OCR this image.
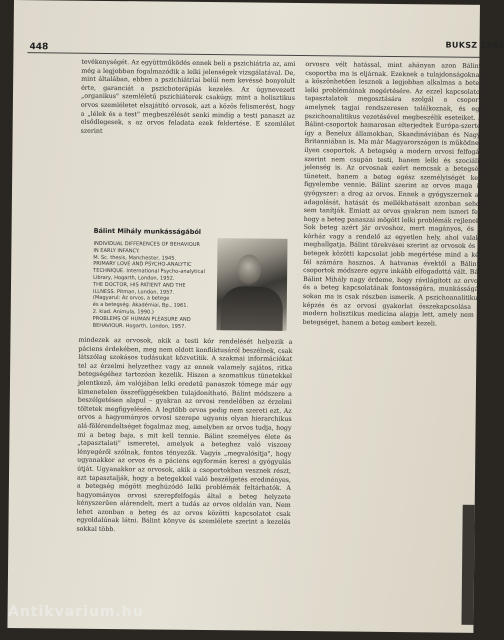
448	BUKSZ 1993
tevékenységét. Az együttműködés ennek beli a pszichiátria az, ami még a legjobban fogalmazódik a lelki jelenségek vizsgálatával. De, mint általában, ebben a pszichiátriai belül nem kevéssé bonyolult érte, garanciát a pszichoterápiás kezelés. Az úgynevezett „organikus" szemléletű pszichiáterek csakúgy, mint a holisztikus orvos szemléletet elsajátító orvosok, azt a közös felismerést, hogy a „lélek és a test" megbeszélését senki mindig a testi panaszt az elsődlegesek, s az orvos feladata ezek feldertése. E szemlélet szerint
Bálint Mihály munkásságából
INDIVIDUAL DIFFERENCES OF BEHAVIOUR
IN EARLY INFANCY.
M. Sc. thesis, Manchester, 1945.
PRIMARY LOVE AND PSYCHO-ANALYTIC
TECHNIQUE. International Psycho-analytical
Library, Hogarth, London, 1952.
THE DOCTOR, HIS PATIENT AND THE
ILLNESS. Pitman, London, 1957.
(Magyarul: Az orvos, a betege
és a betegség. Akadémiai, Bp., 1961.
2. kiad. Animula, 1990.)
PROBLEMS OF HUMAN PLEASURE AND
BEHAVIOUR. Hogarth, London, 1957.
mindezek az orvosok, akik a testi kór rendelését helyezik a páciens érdekében, meg nem oldott konfliktusáról beszélnek, csak látszólag szokásos tudásukat közvetítik. A szakmai információkat tel az érzelmi helyzethez vagy az ennek valamely sajátos, ritka betegségéhez tartozóan kezelik. Hiszen a szomatikus tünetekkel jelentkező, ám valójában lelki eredetű panaszok tömege már egy kimenetelen összefüggésekben tulajdonítható. Bálint módszere a beszélgetésen alapul – gyakran az orvosi rendelőben az érzelmi töltetek megfigyelésén. A legtöbb orvos pedig nem szereti ezt. Az orvos a hagyományos orvosi szerepe ugyanis olyan hierarchikus alá-fölérendeltséget fogalmaz meg, amelyben az orvos tudja, hogy mi a beteg baja, s mit kell tennie. Bálint személyes élete és „tapasztalati" ismeretei, amelyek a beteghez való viszony lényegéről szólnak, fontos tényezők. Vagyis „megvalósítja", hogy ugyanakkor az orvos és a páciens egyformán keresi a gyógyulás útját. Ugyanakkor az orvosok, akik a csoportokban vesznek részt, azt tapasztalják, hogy a betegekkel való beszélgetés eredményes, a betegség mögött meghúzódó lelki problémák feltárhatók. A hagyományos orvosi szerepfelfogás által a beteg helyzete kényszerűen alárendelt, mert a tudás az orvos oldalán van. Nem lehet azonban a beteg és az orvos közötti kapcsolatot csak egyoldalúnak látni. Bálint könyve és szemlélete szerint a kezelés sokkal több.
orvosra vélt hatással, mint ahányan azon Bálint-csoportba ma is eljárnak. Ezeknek a tulajdonságoknak a köszönhetően lesznek a legjobban alkalmas a beteg lelki problémáinak megértésére. Az ezzel kapcsolatos tapasztalatok megosztására szolgál a csoport, amelynek tagjai rendszeresen találkoznak, és egy pszichoanalitikus vezetésével megbeszélik eseteiket. A Bálint-csoportok hamarosan elterjedtek Európa-szerte, így a Benelux államokban, Skandináviában és Nagy-Britanniában is. Ma már Magyarországon is működnek ilyen csoportok. A betegség a modern orvosi felfogás szerint nem csupán testi, hanem lelki és szociális jelenség is. Az orvosnak ezért nemcsak a betegség tüneteit, hanem a beteg egész személyiségét kell figyelembe vennie. Bálint szerint az orvos maga is gyógyszer: a drog az orvos. Ennek a gyógyszernek az adagolását, hatását és mellékhatásait azonban sehol sem tanítják. Emiatt az orvos gyakran nem ismeri fel, hogy a beteg panaszai mögött lelki problémák rejlenek. Sok beteg azért jár orvoshoz, mert magányos, és a kórház vagy a rendelő az egyetlen hely, ahol valaki meghallgatja. Bálint törekvései szerint az orvosok és a betegek közötti kapcsolat jobb megértése mind a két fél számára hasznos. A hatvanas évektől a Bálint-csoportok módszere egyre inkább elfogadottá vált. Bár Bálint Mihály nagy érdeme, hogy rávilágított az orvos és a beteg kapcsolatának fontosságára, munkásságát sokan ma is csak részben ismerik. A pszichoanalitikus képzés és az orvosi gyakorlat összekapcsolása a modern holisztikus medicina alapja lett, amely nem a betegséget, hanem a beteg embert kezeli.
Antikvarium.hu
